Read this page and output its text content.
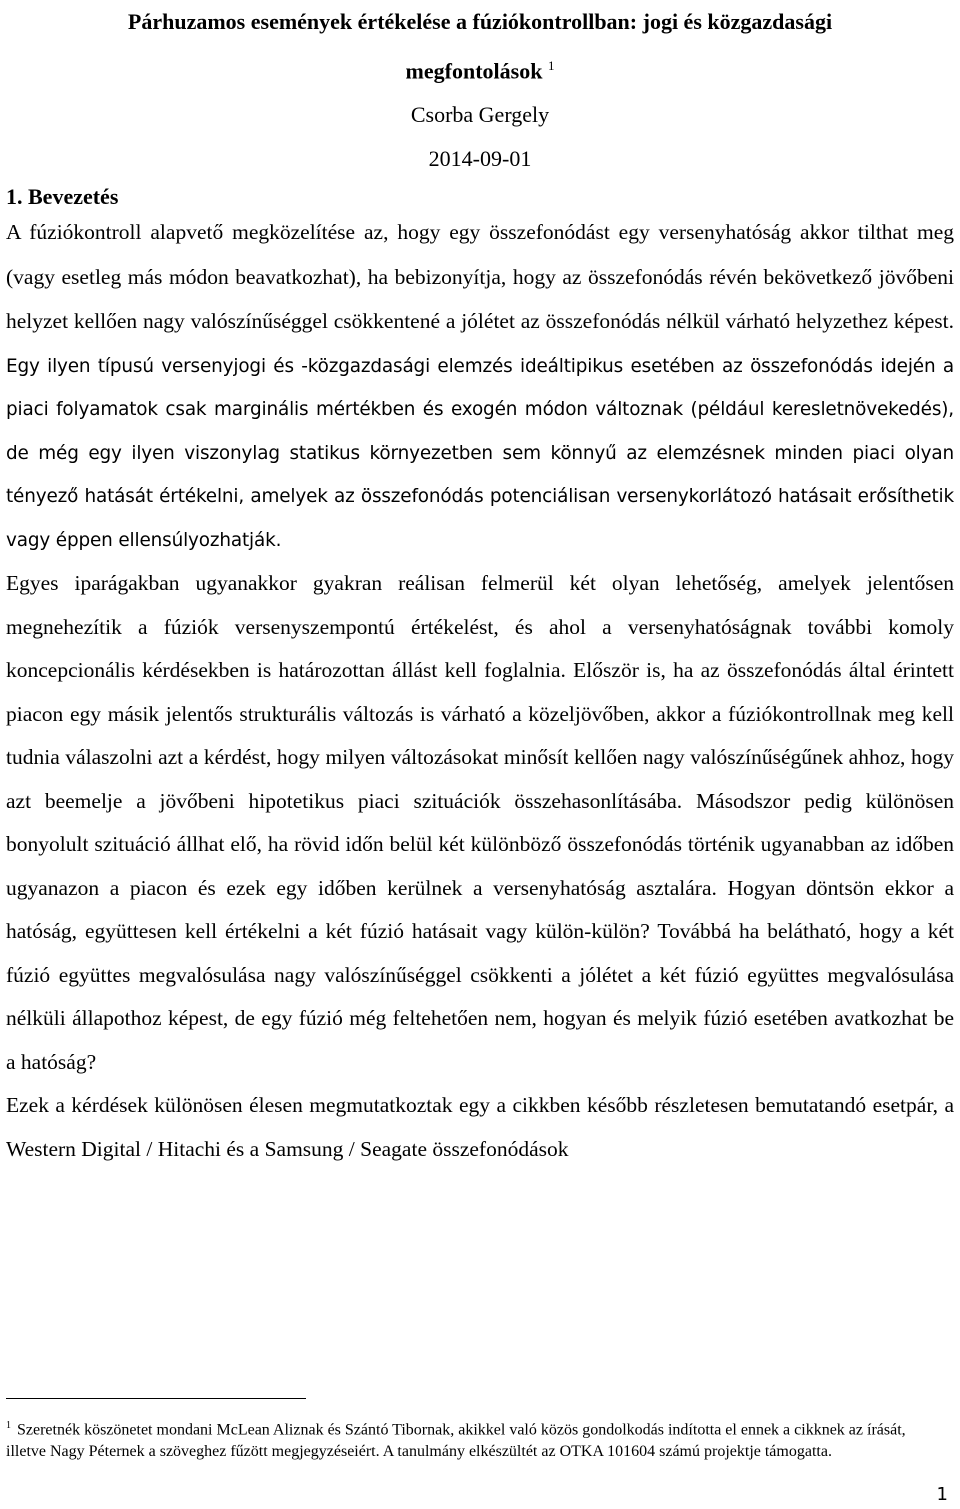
Párhuzamos események értékelése a fúziókontrollban: jogi és közgazdasági
megfontolások $^1$

Csorba Gergely

2014-09-01

1. Bevezetés

A fúziókontroll alapvető megközelítése az, hogy egy összefonódást egy versenyhatóság akkor tilthat meg (vagy esetleg más módon beavatkozhat), ha bebizonyítja, hogy az összefonódás révén bekövetkező jövőbeni helyzet kellően nagy valószínűséggel csökkentené a jólétet az összefonódás nélkül várható helyzethez képest. Egy ilyen típusú versenyjogi és -közgazdasági elemzés ideáltipikus esetében az összefonódás idején a piaci folyamatok csak marginális mértékben és exogén módon változnak (például keresletnövekedés), de még egy ilyen viszonylag statikus környezetben sem könnyű az elemzésnek minden piaci olyan tényező hatását értékelni, amelyek az összefonódás potenciálisan versenykorlátozó hatásait erősíthetik vagy éppen ellensúlyozhatják.

Egyes iparágakban ugyanakkor gyakran reálisan felmerül két olyan lehetőség, amelyek jelentősen megnehezítik a fúziók versenyszempontú értékelést, és ahol a versenyhatóságnak további komoly koncepcionális kérdésekben is határozottan állást kell foglalnia. Először is, ha az összefonódás által érintett piacon egy másik jelentős strukturális változás is várható a közeljövőben, akkor a fúziókontrollnak meg kell tudnia válaszolni azt a kérdést, hogy milyen változásokat minősít kellően nagy valószínűségűnek ahhoz, hogy azt beemelje a jövőbeni hipotetikus piaci szituációk összehasonlításába. Másodszor pedig különösen bonyolult szituáció állhat elő, ha rövid időn belül két különböző összefonódás történik ugyanabban az időben ugyanazon a piacon és ezek egy időben kerülnek a versenyhatóság asztalára. Hogyan döntsön ekkor a hatóság, együttesen kell értékelni a két fúzió hatásait vagy külön-külön? Továbbá ha belátható, hogy a két fúzió együttes megvalósulása nagy valószínűséggel csökkenti a jólétet a két fúzió együttes megvalósulása nélküli állapothoz képest, de egy fúzió még feltehetően nem, hogyan és melyik fúzió esetében avatkozhat be a hatóság?

Ezek a kérdések különösen élesen megmutatkoztak egy a cikkben később részletesen bemutatandó esetpár, a Western Digital / Hitachi és a Samsung / Seagate összefonódások

$^1$ Szeretnék köszönetet mondani McLean Aliznak és Szántó Tibornak, akikkel való közös gondolkodás indította el ennek a cikknek az írását, illetve Nagy Péternek a szöveghez fűzött megjegyzéseiért. A tanulmány elkészültét az OTKA 101604 számú projektje támogatta.

1
